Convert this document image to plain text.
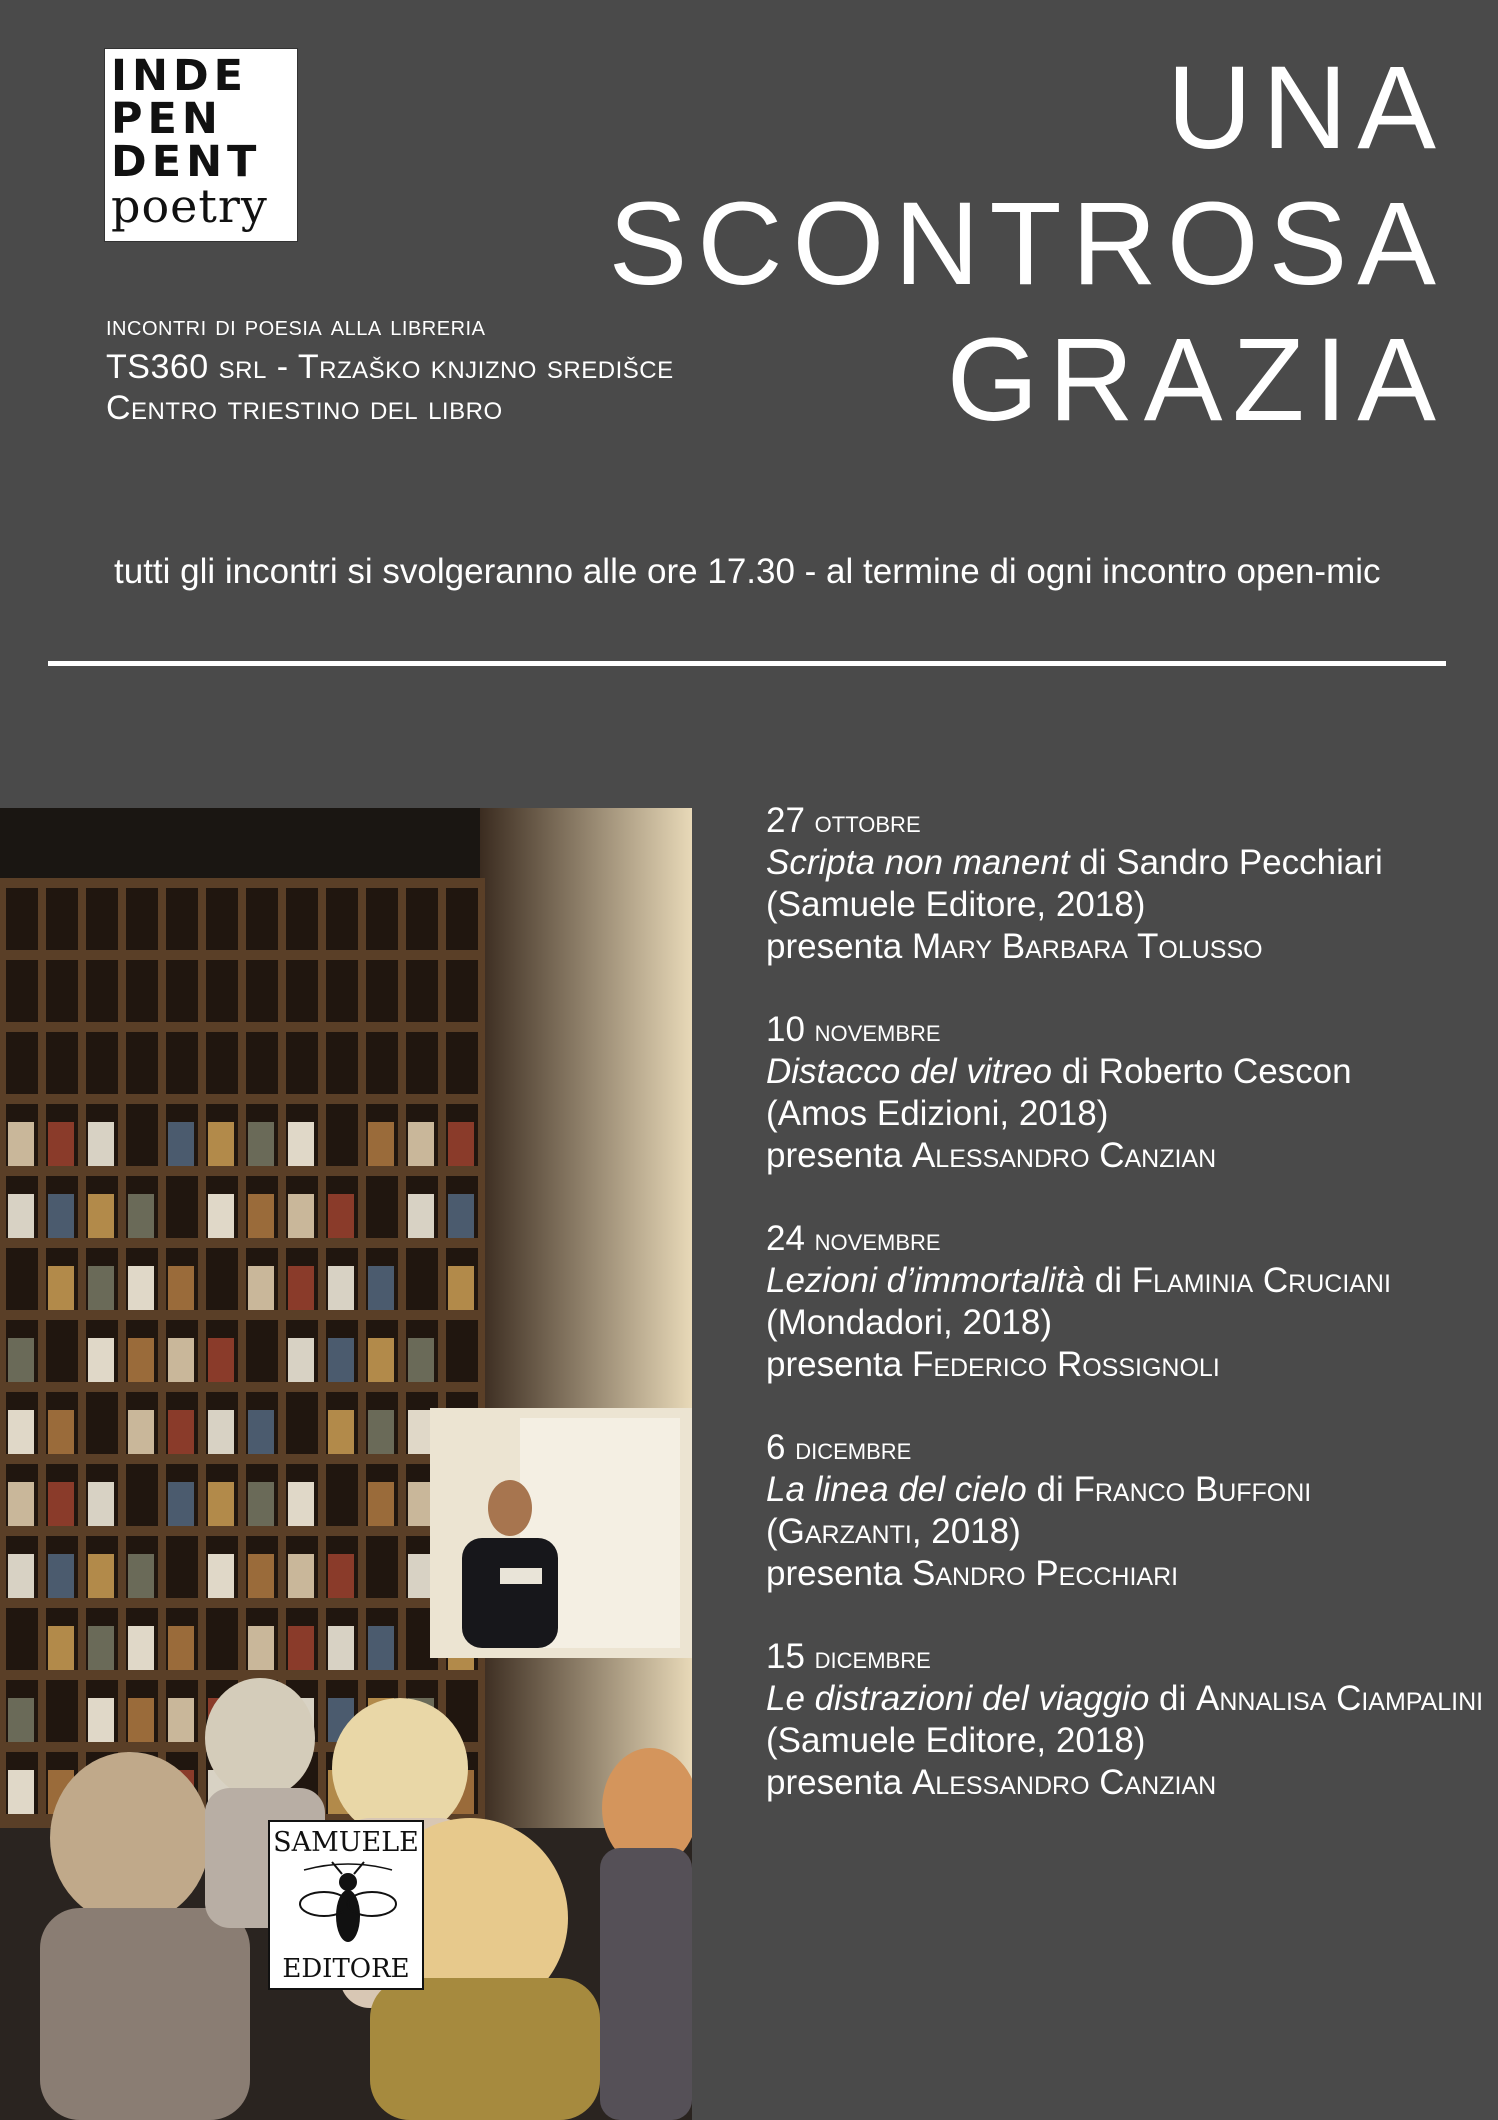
INDE
PEN
DENT
poetry
incontri di poesia alla libreria
TS360 srl - Trzaško knjizno središce
Centro triestino del libro
UNA
SCONTROSA
GRAZIA
tutti gli incontri si svolgeranno alle ore 17.30 - al termine di ogni incontro open-mic
SAMUELE
EDITORE
27 ottobre
Scripta non manent di Sandro Pecchiari
(Samuele Editore, 2018)
presenta Mary Barbara Tolusso
10 novembre
Distacco del vitreo di Roberto Cescon
(Amos Edizioni, 2018)
presenta Alessandro Canzian
24 novembre
Lezioni d’immortalità di Flaminia Cruciani
(Mondadori, 2018)
presenta Federico Rossignoli
6 dicembre
La linea del cielo di Franco Buffoni
(Garzanti, 2018)
presenta Sandro Pecchiari
15 dicembre
Le distrazioni del viaggio di Annalisa Ciampalini
(Samuele Editore, 2018)
presenta Alessandro Canzian
